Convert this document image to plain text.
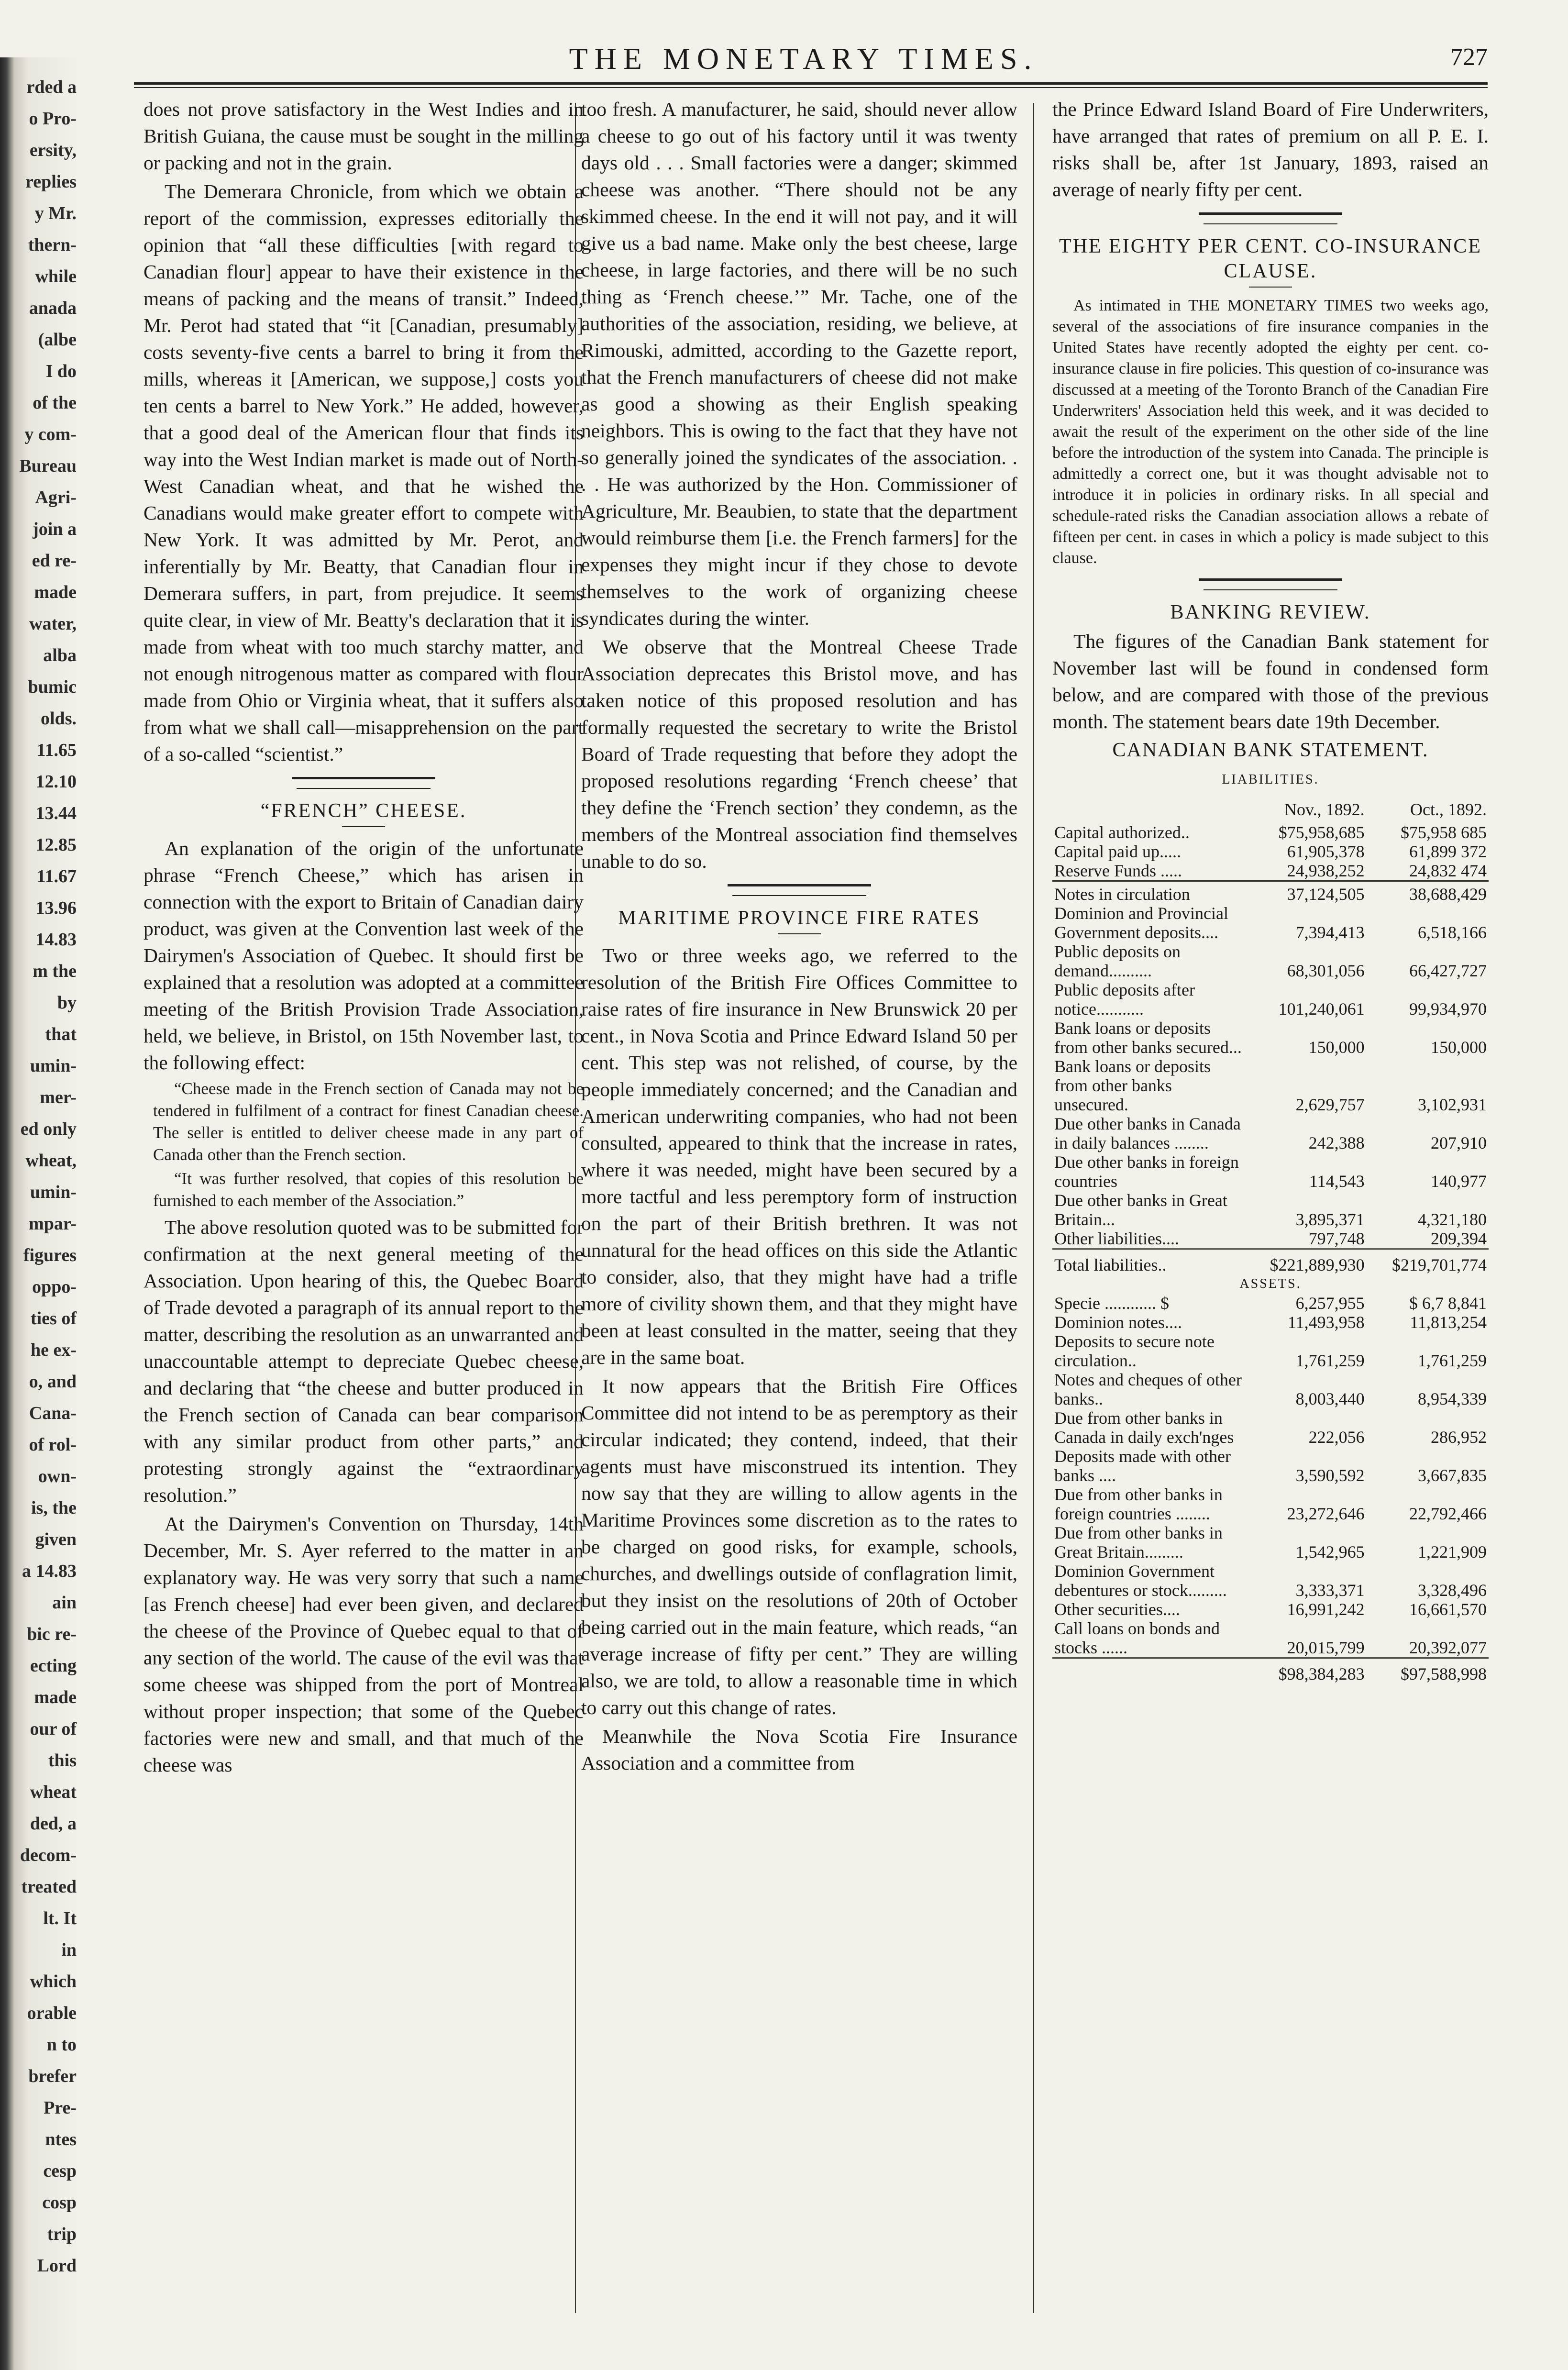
rded a
o Pro-
ersity,
replies
y Mr.
thern-
while
anada
(albe
I do
of the
y com-
Bureau
Agri-
join a
ed re-
made
water,
alba
bumic
olds.
11.65
12.10
13.44
12.85
11.67
13.96
14.83
m the
by
that
umin-
mer-
ed only
wheat,
umin-
mpar-
figures
oppo-
ties of
he ex-
o, and
Cana-
of rol-
own-
is, the
given
a 14.83
ain
bic re-
ecting
made
our of
this
wheat
ded, a
decom-
treated
lt. It
in
which
orable
n to
brefer
Pre-
ntes
cesp
cosp
trip
Lord
THE MONETARY TIMES.	727

does not prove satisfactory in the West Indies and in British Guiana, the cause must be sought in the milling or packing and not in the grain.

The Demerara Chronicle, from which we obtain a report of the commission, expresses editorially the opinion that “all these difficulties [with regard to Canadian flour] appear to have their existence in the means of packing and the means of transit.” Indeed, Mr. Perot had stated that “it [Canadian, presumably] costs seventy-five cents a barrel to bring it from the mills, whereas it [American, we suppose,] costs you ten cents a barrel to New York.” He added, however, that a good deal of the American flour that finds its way into the West Indian market is made out of North-West Canadian wheat, and that he wished the Canadians would make greater effort to compete with New York. It was admitted by Mr. Perot, and inferentially by Mr. Beatty, that Canadian flour in Demerara suffers, in part, from prejudice. It seems quite clear, in view of Mr. Beatty's declaration that it is made from wheat with too much starchy matter, and not enough nitrogenous matter as compared with flour made from Ohio or Virginia wheat, that it suffers also from what we shall call—misapprehension on the part of a so-called “scientist.”

“FRENCH” CHEESE.

An explanation of the origin of the unfortunate phrase “French Cheese,” which has arisen in connection with the export to Britain of Canadian dairy product, was given at the Convention last week of the Dairymen's Association of Quebec. It should first be explained that a resolution was adopted at a committee meeting of the British Provision Trade Association, held, we believe, in Bristol, on 15th November last, to the following effect:

“Cheese made in the French section of Canada may not be tendered in fulfilment of a contract for finest Canadian cheese. The seller is entitled to deliver cheese made in any part of Canada other than the French section.

“It was further resolved, that copies of this resolution be furnished to each member of the Association.”

The above resolution quoted was to be submitted for confirmation at the next general meeting of the Association. Upon hearing of this, the Quebec Board of Trade devoted a paragraph of its annual report to the matter, describing the resolution as an unwarranted and unaccountable attempt to depreciate Quebec cheese, and declaring that “the cheese and butter produced in the French section of Canada can bear comparison with any similar product from other parts,” and protesting strongly against the “extraordinary resolution.”

At the Dairymen's Convention on Thursday, 14th December, Mr. S. Ayer referred to the matter in an explanatory way. He was very sorry that such a name [as French cheese] had ever been given, and declared the cheese of the Province of Quebec equal to that of any section of the world. The cause of the evil was that some cheese was shipped from the port of Montreal without proper inspection; that some of the Quebec factories were new and small, and that much of the cheese was

too fresh. A manufacturer, he said, should never allow a cheese to go out of his factory until it was twenty days old . . . Small factories were a danger; skimmed cheese was another. “There should not be any skimmed cheese. In the end it will not pay, and it will give us a bad name. Make only the best cheese, large cheese, in large factories, and there will be no such thing as ‘French cheese.’” Mr. Tache, one of the authorities of the association, residing, we believe, at Rimouski, admitted, according to the Gazette report, that the French manufacturers of cheese did not make as good a showing as their English speaking neighbors. This is owing to the fact that they have not so generally joined the syndicates of the association. . . . He was authorized by the Hon. Commissioner of Agriculture, Mr. Beaubien, to state that the department would reimburse them [i.e. the French farmers] for the expenses they might incur if they chose to devote themselves to the work of organizing cheese syndicates during the winter.

We observe that the Montreal Cheese Trade Association deprecates this Bristol move, and has taken notice of this proposed resolution and has formally requested the secretary to write the Bristol Board of Trade requesting that before they adopt the proposed resolutions regarding ‘French cheese’ that they define the ‘French section’ they condemn, as the members of the Montreal association find themselves unable to do so.

MARITIME PROVINCE FIRE RATES

Two or three weeks ago, we referred to the resolution of the British Fire Offices Committee to raise rates of fire insurance in New Brunswick 20 per cent., in Nova Scotia and Prince Edward Island 50 per cent. This step was not relished, of course, by the people immediately concerned; and the Canadian and American underwriting companies, who had not been consulted, appeared to think that the increase in rates, where it was needed, might have been secured by a more tactful and less peremptory form of instruction on the part of their British brethren. It was not unnatural for the head offices on this side the Atlantic to consider, also, that they might have had a trifle more of civility shown them, and that they might have been at least consulted in the matter, seeing that they are in the same boat.

It now appears that the British Fire Offices Committee did not intend to be as peremptory as their circular indicated; they contend, indeed, that their agents must have misconstrued its intention. They now say that they are willing to allow agents in the Maritime Provinces some discretion as to the rates to be charged on good risks, for example, schools, churches, and dwellings outside of conflagration limit, but they insist on the resolutions of 20th of October being carried out in the main feature, which reads, “an average increase of fifty per cent.” They are willing also, we are told, to allow a reasonable time in which to carry out this change of rates.

Meanwhile the Nova Scotia Fire Insurance Association and a committee from

the Prince Edward Island Board of Fire Underwriters, have arranged that rates of premium on all P. E. I. risks shall be, after 1st January, 1893, raised an average of nearly fifty per cent.

THE EIGHTY PER CENT. CO-INSURANCE CLAUSE.

As intimated in THE MONETARY TIMES two weeks ago, several of the associations of fire insurance companies in the United States have recently adopted the eighty per cent. co-insurance clause in fire policies. This question of co-insurance was discussed at a meeting of the Toronto Branch of the Canadian Fire Underwriters' Association held this week, and it was decided to await the result of the experiment on the other side of the line before the introduction of the system into Canada. The principle is admittedly a correct one, but it was thought advisable not to introduce it in policies in ordinary risks. In all special and schedule-rated risks the Canadian association allows a rebate of fifteen per cent. in cases in which a policy is made subject to this clause.

BANKING REVIEW.

The figures of the Canadian Bank statement for November last will be found in condensed form below, and are compared with those of the previous month. The statement bears date 19th December.

CANADIAN BANK STATEMENT.
LIABILITIES.
	Nov., 1892.	Oct., 1892.
Capital authorized..	$75,958,685	$75,958 685
Capital paid up.....	61,905,378	61,899 372
Reserve Funds .....	24,938,252	24,832 474

Notes in circulation	37,124,505	38,688,429
Dominion and Provincial Government deposits....	7,394,413	6,518,166
Public deposits on demand..........	68,301,056	66,427,727
Public deposits after notice...........	101,240,061	99,934,970
Bank loans or deposits from other banks secured...	150,000	150,000
Bank loans or deposits from other banks unsecured.	2,629,757	3,102,931
Due other banks in Canada in daily balances ........	242,388	207,910
Due other banks in foreign countries	114,543	140,977
Due other banks in Great Britain...	3,895,371	4,321,180
Other liabilities....	797,748	209,394

Total liabilities..	$221,889,930	$219,701,774
ASSETS.		
Specie ............ $	6,257,955	$ 6,7 8,841
Dominion notes....	11,493,958	11,813,254
Deposits to secure note circulation..	1,761,259	1,761,259
Notes and cheques of other banks..	8,003,440	8,954,339
Due from other banks in Canada in daily exch'nges	222,056	286,952
Deposits made with other banks ....	3,590,592	3,667,835
Due from other banks in foreign countries ........	23,272,646	22,792,466
Due from other banks in Great Britain.........	1,542,965	1,221,909
Dominion Government debentures or stock.........	3,333,371	3,328,496
Other securities....	16,991,242	16,661,570
Call loans on bonds and stocks ......	20,015,799	20,392,077

	$98,384,283	$97,588,998
